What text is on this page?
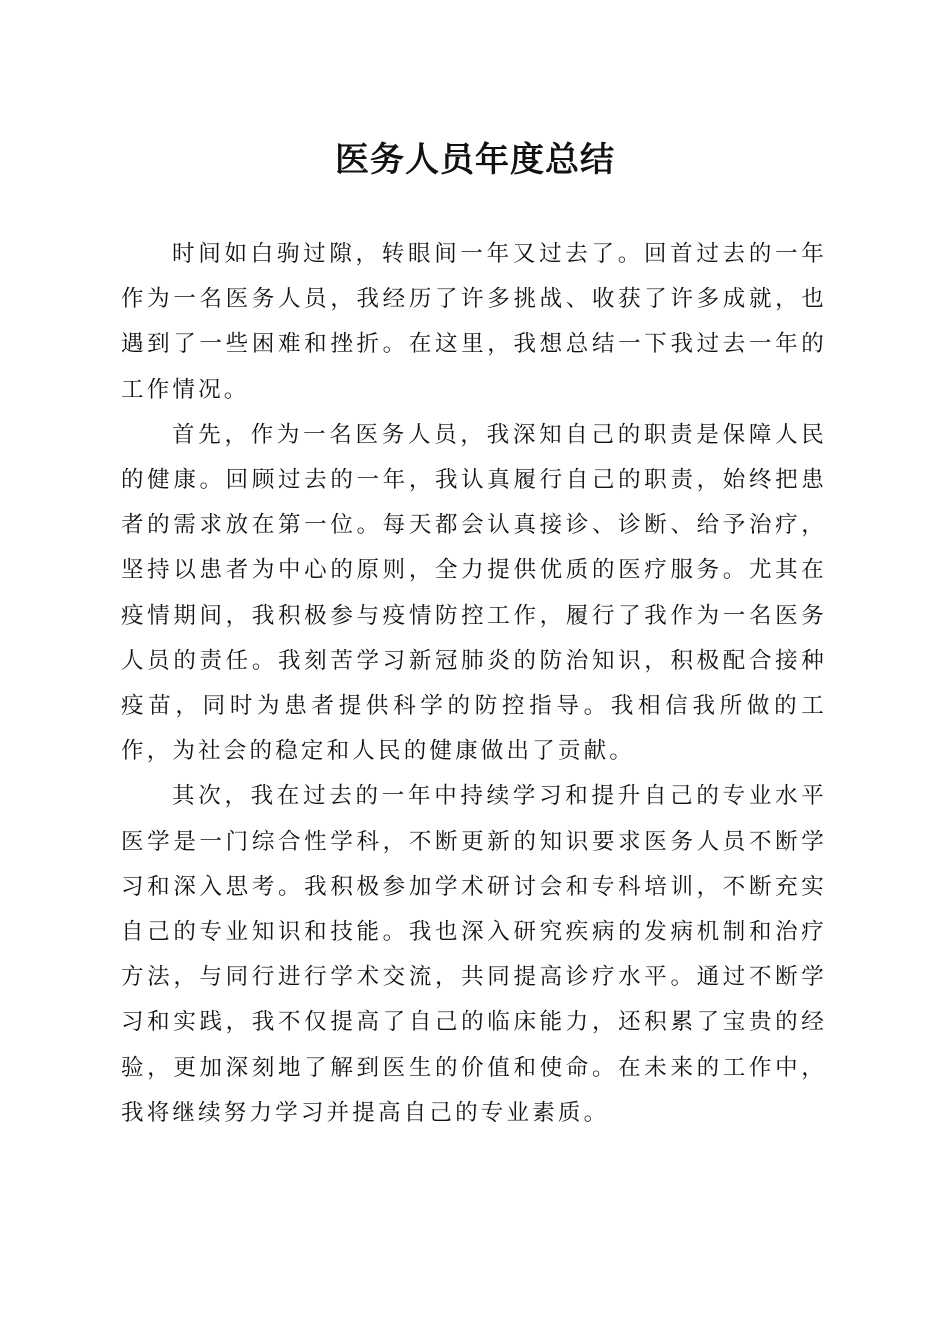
医务人员年度总结

时间如白驹过隙，转眼间一年又过去了。回首过去的一年作为一名医务人员，我经历了许多挑战、收获了许多成就，也遇到了一些困难和挫折。在这里，我想总结一下我过去一年的工作情况。

首先，作为一名医务人员，我深知自己的职责是保障人民的健康。回顾过去的一年，我认真履行自己的职责，始终把患者的需求放在第一位。每天都会认真接诊、诊断、给予治疗，坚持以患者为中心的原则，全力提供优质的医疗服务。尤其在疫情期间，我积极参与疫情防控工作，履行了我作为一名医务人员的责任。我刻苦学习新冠肺炎的防治知识，积极配合接种疫苗，同时为患者提供科学的防控指导。我相信我所做的工作，为社会的稳定和人民的健康做出了贡献。

其次，我在过去的一年中持续学习和提升自己的专业水平医学是一门综合性学科，不断更新的知识要求医务人员不断学习和深入思考。我积极参加学术研讨会和专科培训，不断充实自己的专业知识和技能。我也深入研究疾病的发病机制和治疗方法，与同行进行学术交流，共同提高诊疗水平。通过不断学习和实践，我不仅提高了自己的临床能力，还积累了宝贵的经验，更加深刻地了解到医生的价值和使命。在未来的工作中，我将继续努力学习并提高自己的专业素质。
